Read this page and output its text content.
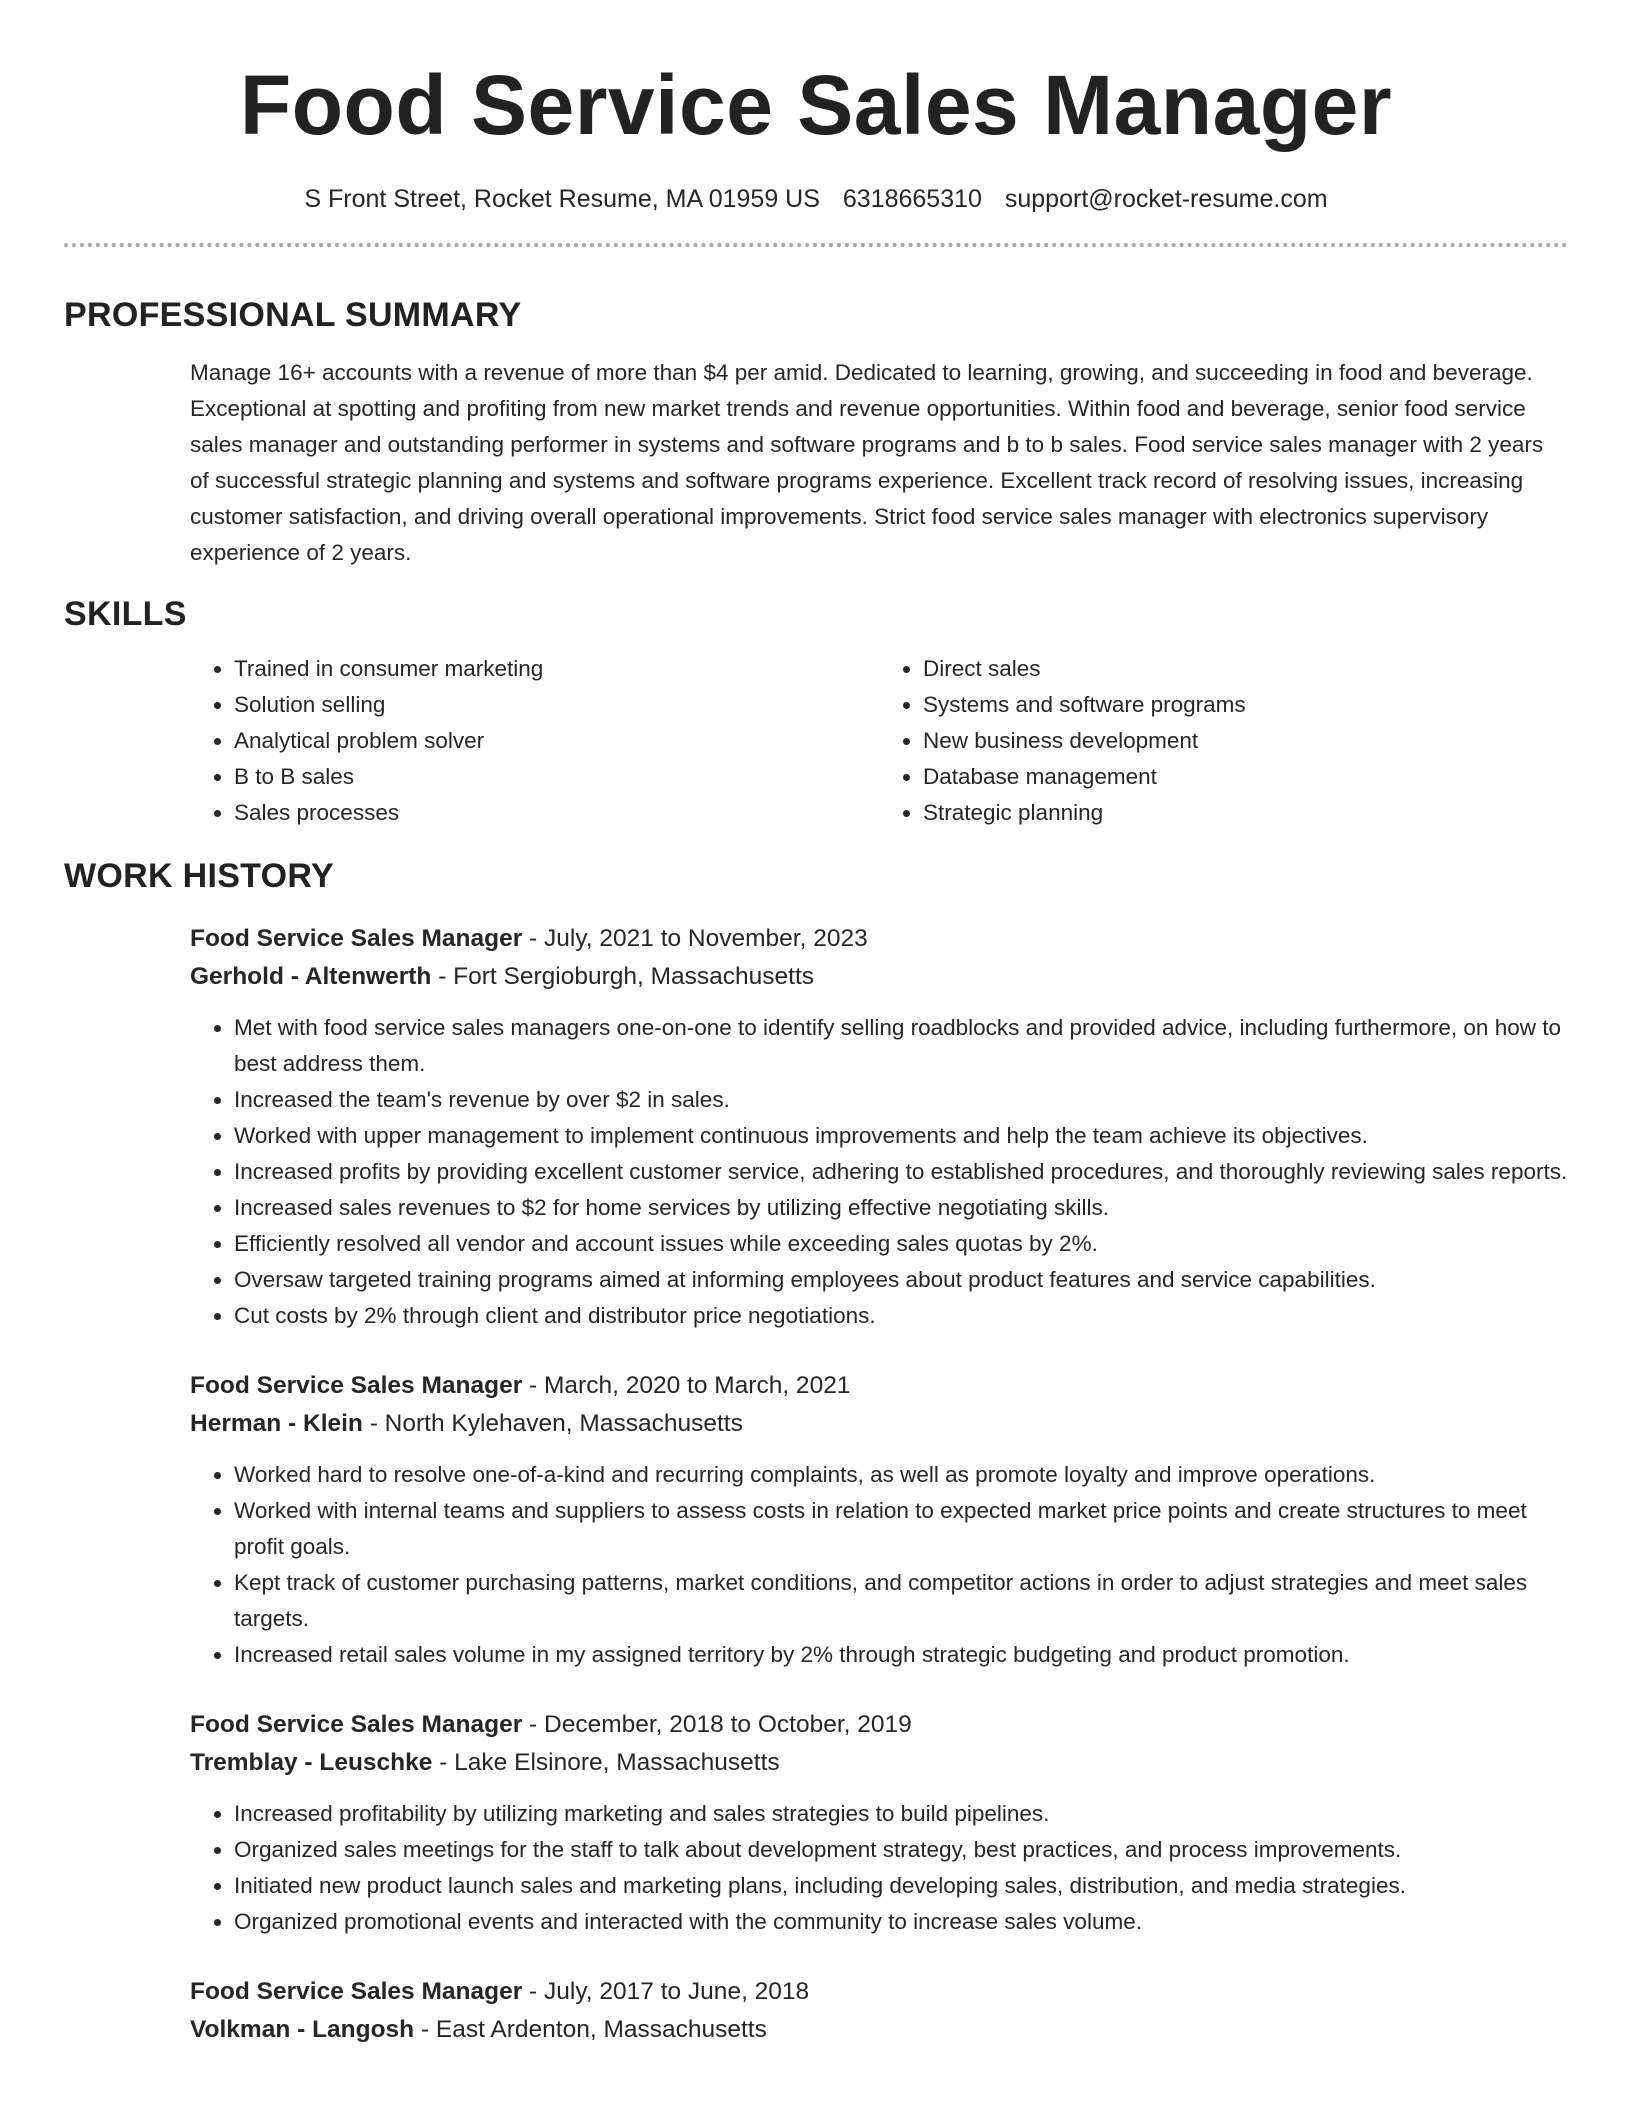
Food Service Sales Manager
S Front Street, Rocket Resume, MA 01959 US 6318665310 support@rocket-resume.com
PROFESSIONAL SUMMARY
Manage 16+ accounts with a revenue of more than $4 per amid. Dedicated to learning, growing, and succeeding in food and beverage. Exceptional at spotting and profiting from new market trends and revenue opportunities. Within food and beverage, senior food service sales manager and outstanding performer in systems and software programs and b to b sales. Food service sales manager with 2 years of successful strategic planning and systems and software programs experience. Excellent track record of resolving issues, increasing customer satisfaction, and driving overall operational improvements. Strict food service sales manager with electronics supervisory experience of 2 years.
SKILLS
• Trained in consumer marketing
• Solution selling
• Analytical problem solver
• B to B sales
• Sales processes
• Direct sales
• Systems and software programs
• New business development
• Database management
• Strategic planning
WORK HISTORY
Food Service Sales Manager - July, 2021 to November, 2023
Gerhold - Altenwerth - Fort Sergioburgh, Massachusetts
• Met with food service sales managers one-on-one to identify selling roadblocks and provided advice, including furthermore, on how to best address them.
• Increased the team's revenue by over $2 in sales.
• Worked with upper management to implement continuous improvements and help the team achieve its objectives.
• Increased profits by providing excellent customer service, adhering to established procedures, and thoroughly reviewing sales reports.
• Increased sales revenues to $2 for home services by utilizing effective negotiating skills.
• Efficiently resolved all vendor and account issues while exceeding sales quotas by 2%.
• Oversaw targeted training programs aimed at informing employees about product features and service capabilities.
• Cut costs by 2% through client and distributor price negotiations.
Food Service Sales Manager - March, 2020 to March, 2021
Herman - Klein - North Kylehaven, Massachusetts
• Worked hard to resolve one-of-a-kind and recurring complaints, as well as promote loyalty and improve operations.
• Worked with internal teams and suppliers to assess costs in relation to expected market price points and create structures to meet profit goals.
• Kept track of customer purchasing patterns, market conditions, and competitor actions in order to adjust strategies and meet sales targets.
• Increased retail sales volume in my assigned territory by 2% through strategic budgeting and product promotion.
Food Service Sales Manager - December, 2018 to October, 2019
Tremblay - Leuschke - Lake Elsinore, Massachusetts
• Increased profitability by utilizing marketing and sales strategies to build pipelines.
• Organized sales meetings for the staff to talk about development strategy, best practices, and process improvements.
• Initiated new product launch sales and marketing plans, including developing sales, distribution, and media strategies.
• Organized promotional events and interacted with the community to increase sales volume.
Food Service Sales Manager - July, 2017 to June, 2018
Volkman - Langosh - East Ardenton, Massachusetts
